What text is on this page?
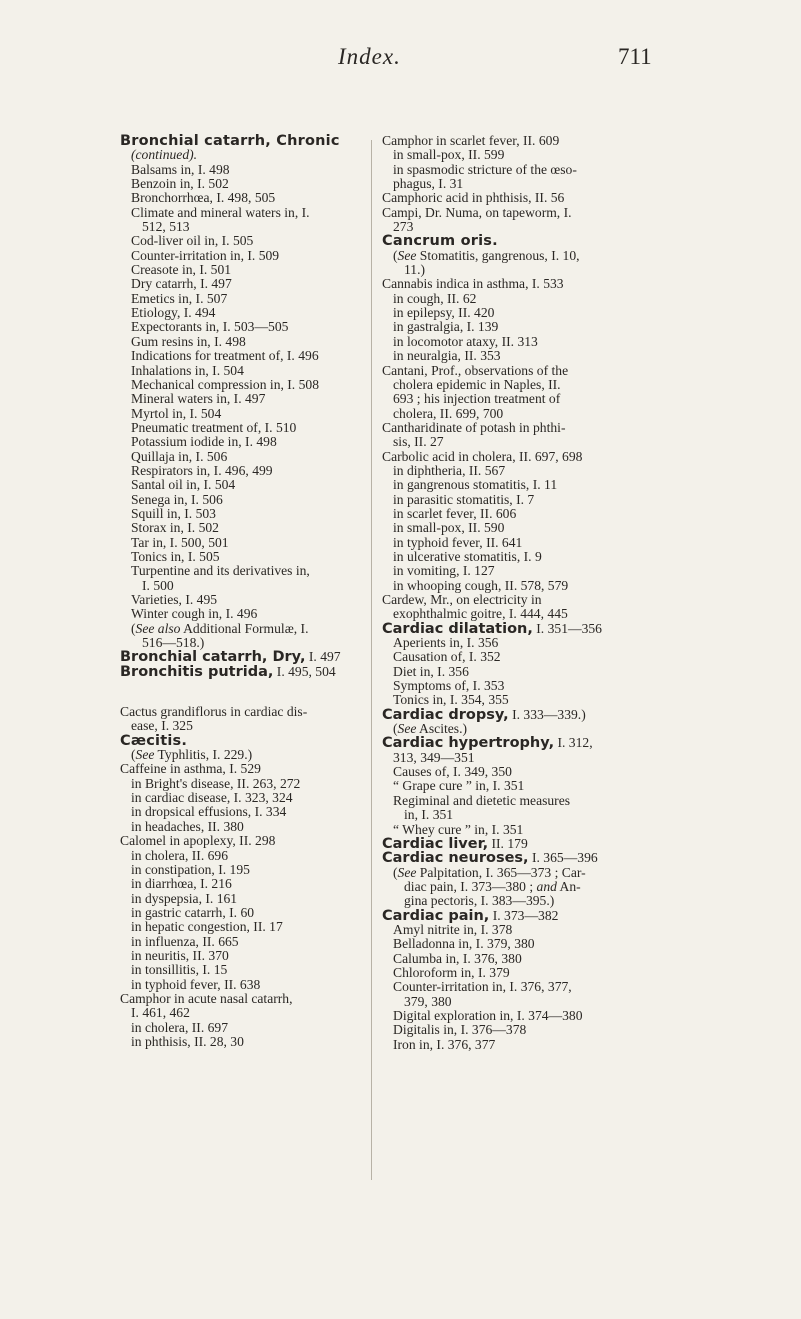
Index.	711
Bronchial catarrh, Chronic
(continued).
Balsams in, I. 498
Benzoin in, I. 502
Bronchorrhœa, I. 498, 505
Climate and mineral waters in, I.
512, 513
Cod-liver oil in, I. 505
Counter-irritation in, I. 509
Creasote in, I. 501
Dry catarrh, I. 497
Emetics in, I. 507
Etiology, I. 494
Expectorants in, I. 503—505
Gum resins in, I. 498
Indications for treatment of, I. 496
Inhalations in, I. 504
Mechanical compression in, I. 508
Mineral waters in, I. 497
Myrtol in, I. 504
Pneumatic treatment of, I. 510
Potassium iodide in, I. 498
Quillaja in, I. 506
Respirators in, I. 496, 499
Santal oil in, I. 504
Senega in, I. 506
Squill in, I. 503
Storax in, I. 502
Tar in, I. 500, 501
Tonics in, I. 505
Turpentine and its derivatives in,
I. 500
Varieties, I. 495
Winter cough in, I. 496
(See also Additional Formulæ, I.
516—518.)
Bronchial catarrh, Dry, I. 497
Bronchitis putrida, I. 495, 504
Cactus grandiflorus in cardiac dis-
ease, I. 325
Cæcitis.
(See Typhlitis, I. 229.)
Caffeine in asthma, I. 529
in Bright's disease, II. 263, 272
in cardiac disease, I. 323, 324
in dropsical effusions, I. 334
in headaches, II. 380
Calomel in apoplexy, II. 298
in cholera, II. 696
in constipation, I. 195
in diarrhœa, I. 216
in dyspepsia, I. 161
in gastric catarrh, I. 60
in hepatic congestion, II. 17
in influenza, II. 665
in neuritis, II. 370
in tonsillitis, I. 15
in typhoid fever, II. 638
Camphor in acute nasal catarrh,
I. 461, 462
in cholera, II. 697
in phthisis, II. 28, 30
Camphor in scarlet fever, II. 609
in small-pox, II. 599
in spasmodic stricture of the œso-
phagus, I. 31
Camphoric acid in phthisis, II. 56
Campi, Dr. Numa, on tapeworm, I.
273
Cancrum oris.
(See Stomatitis, gangrenous, I. 10,
11.)
Cannabis indica in asthma, I. 533
in cough, II. 62
in epilepsy, II. 420
in gastralgia, I. 139
in locomotor ataxy, II. 313
in neuralgia, II. 353
Cantani, Prof., observations of the
cholera epidemic in Naples, II.
693 ; his injection treatment of
cholera, II. 699, 700
Cantharidinate of potash in phthi-
sis, II. 27
Carbolic acid in cholera, II. 697, 698
in diphtheria, II. 567
in gangrenous stomatitis, I. 11
in parasitic stomatitis, I. 7
in scarlet fever, II. 606
in small-pox, II. 590
in typhoid fever, II. 641
in ulcerative stomatitis, I. 9
in vomiting, I. 127
in whooping cough, II. 578, 579
Cardew, Mr., on electricity in
exophthalmic goitre, I. 444, 445
Cardiac dilatation, I. 351—356
Aperients in, I. 356
Causation of, I. 352
Diet in, I. 356
Symptoms of, I. 353
Tonics in, I. 354, 355
Cardiac dropsy, I. 333—339.)
(See Ascites.)
Cardiac hypertrophy, I. 312,
313, 349—351
Causes of, I. 349, 350
“ Grape cure ” in, I. 351
Regiminal and dietetic measures
in, I. 351
“ Whey cure ” in, I. 351
Cardiac liver, II. 179
Cardiac neuroses, I. 365—396
(See Palpitation, I. 365—373 ; Car-
diac pain, I. 373—380 ; and An-
gina pectoris, I. 383—395.)
Cardiac pain, I. 373—382
Amyl nitrite in, I. 378
Belladonna in, I. 379, 380
Calumba in, I. 376, 380
Chloroform in, I. 379
Counter-irritation in, I. 376, 377,
379, 380
Digital exploration in, I. 374—380
Digitalis in, I. 376—378
Iron in, I. 376, 377
